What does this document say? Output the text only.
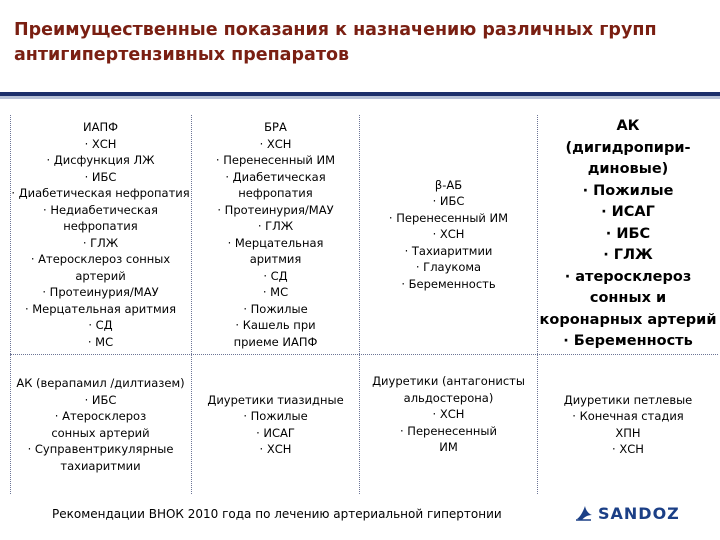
Преимущественные показания к назначению различных групп
антигипертензивных препаратов
ИАПФ
· ХСН
· Дисфункция ЛЖ
· ИБС
· Диабетическая нефропатия
· Недиабетическая
нефропатия
· ГЛЖ
· Атеросклероз сонных
артерий
· Протеинурия/МАУ
· Мерцательная аритмия
· СД
· МС
БРА
· ХСН
· Перенесенный ИМ
· Диабетическая
нефропатия
· Протеинурия/МАУ
· ГЛЖ
· Мерцательная
аритмия
· СД
· МС
· Пожилые
· Кашель при
приеме ИАПФ
β-АБ
· ИБС
· Перенесенный ИМ
· ХСН
· Тахиаритмии
· Глаукома
· Беременность
АК
(дигидропири-
диновые)
· Пожилые
· ИСАГ
· ИБС
· ГЛЖ
· атеросклероз
сонных и
коронарных артерий
· Беременность
АК (верапамил /дилтиазем)
· ИБС
· Атеросклероз
сонных артерий
· Суправентрикулярные
тахиаритмии
Диуретики тиазидные
· Пожилые
· ИСАГ
· ХСН
Диуретики (антагонисты
альдостерона)
· ХСН
· Перенесенный
ИМ
Диуретики петлевые
· Конечная стадия
ХПН
· ХСН
Рекомендации ВНОК 2010 года по лечению артериальной гипертонии	SANDOZ
